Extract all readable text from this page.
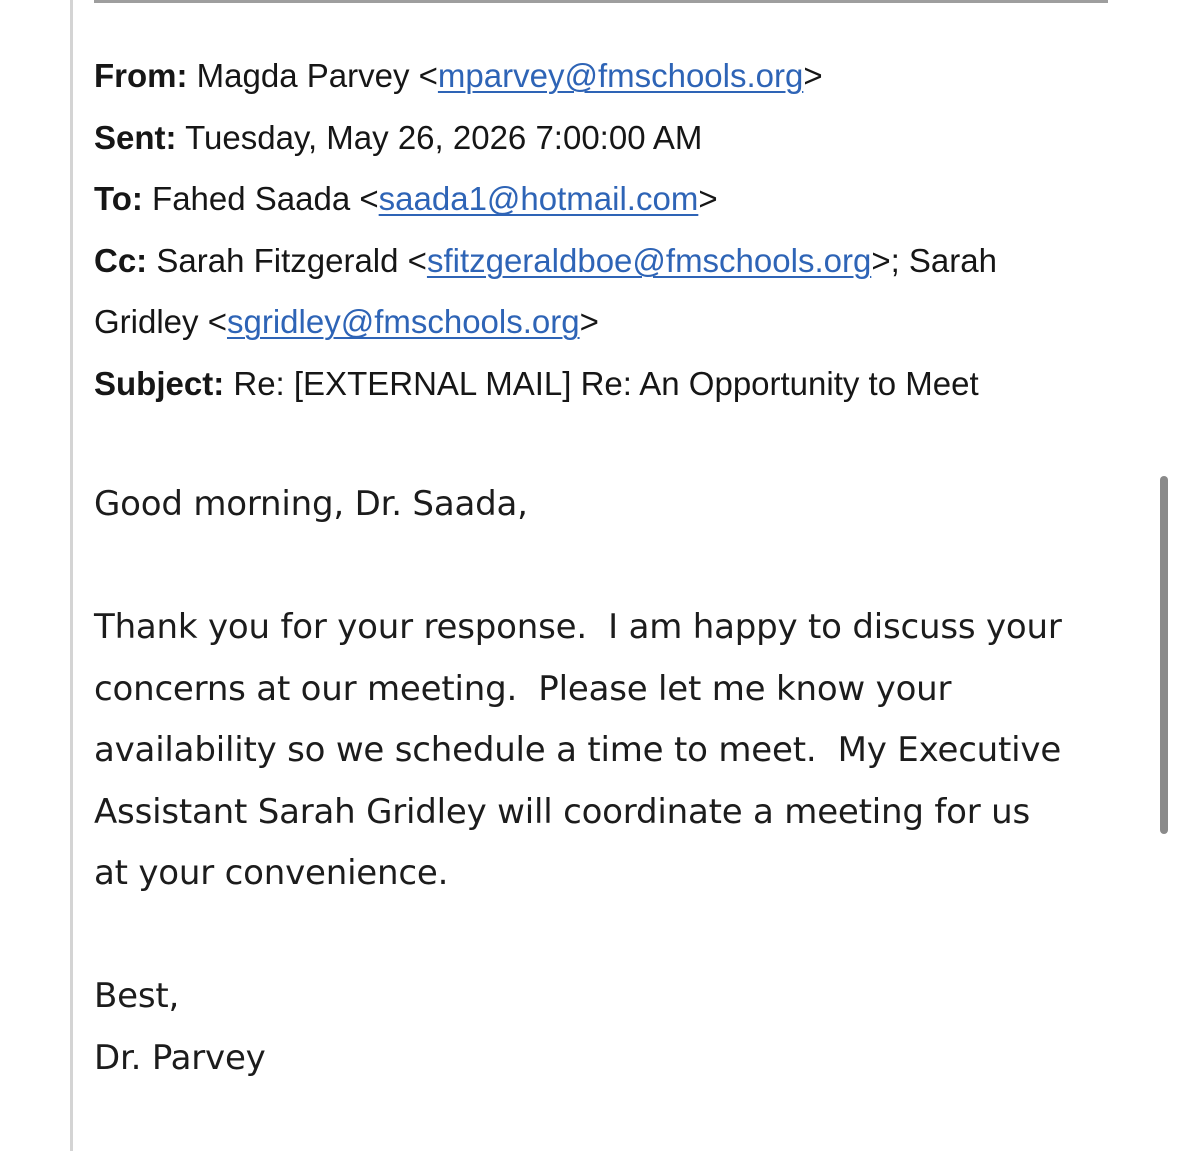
From: Magda Parvey <mparvey@fmschools.org>
Sent: Tuesday, May 26, 2026 7:00:00 AM
To: Fahed Saada <saada1@hotmail.com>
Cc: Sarah Fitzgerald <sfitzgeraldboe@fmschools.org>; Sarah
Gridley <sgridley@fmschools.org>
Subject: Re: [EXTERNAL MAIL] Re: An Opportunity to Meet
Good morning, Dr. Saada,
Thank you for your response.  I am happy to discuss your
concerns at our meeting.  Please let me know your
availability so we schedule a time to meet.  My Executive
Assistant Sarah Gridley will coordinate a meeting for us
at your convenience.
Best,
Dr. Parvey
